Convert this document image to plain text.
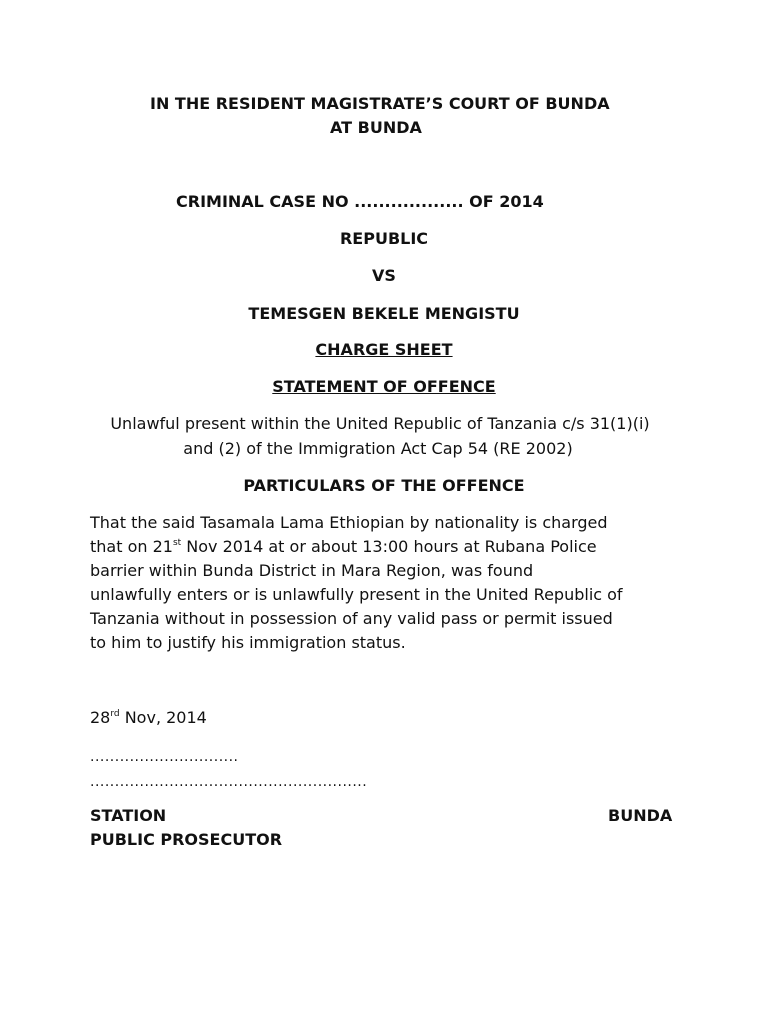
IN THE RESIDENT MAGISTRATE’S COURT OF BUNDA
AT BUNDA
CRIMINAL CASE NO .................. OF 2014
REPUBLIC
VS
TEMESGEN BEKELE MENGISTU
CHARGE SHEET
STATEMENT OF OFFENCE
Unlawful present within the United Republic of Tanzania c/s 31(1)(i)
and (2) of the Immigration Act Cap 54 (RE 2002)
PARTICULARS OF THE OFFENCE
That the said Tasamala Lama Ethiopian by nationality is charged
that on 21st Nov 2014 at or about 13:00 hours at Rubana Police
barrier within Bunda District in Mara Region, was found
unlawfully enters or is unlawfully present in the United Republic of
Tanzania without in possession of any valid pass or permit issued
to him to justify his immigration status.
28rd Nov, 2014
..............................
........................................................
STATION	BUNDA
PUBLIC PROSECUTOR
